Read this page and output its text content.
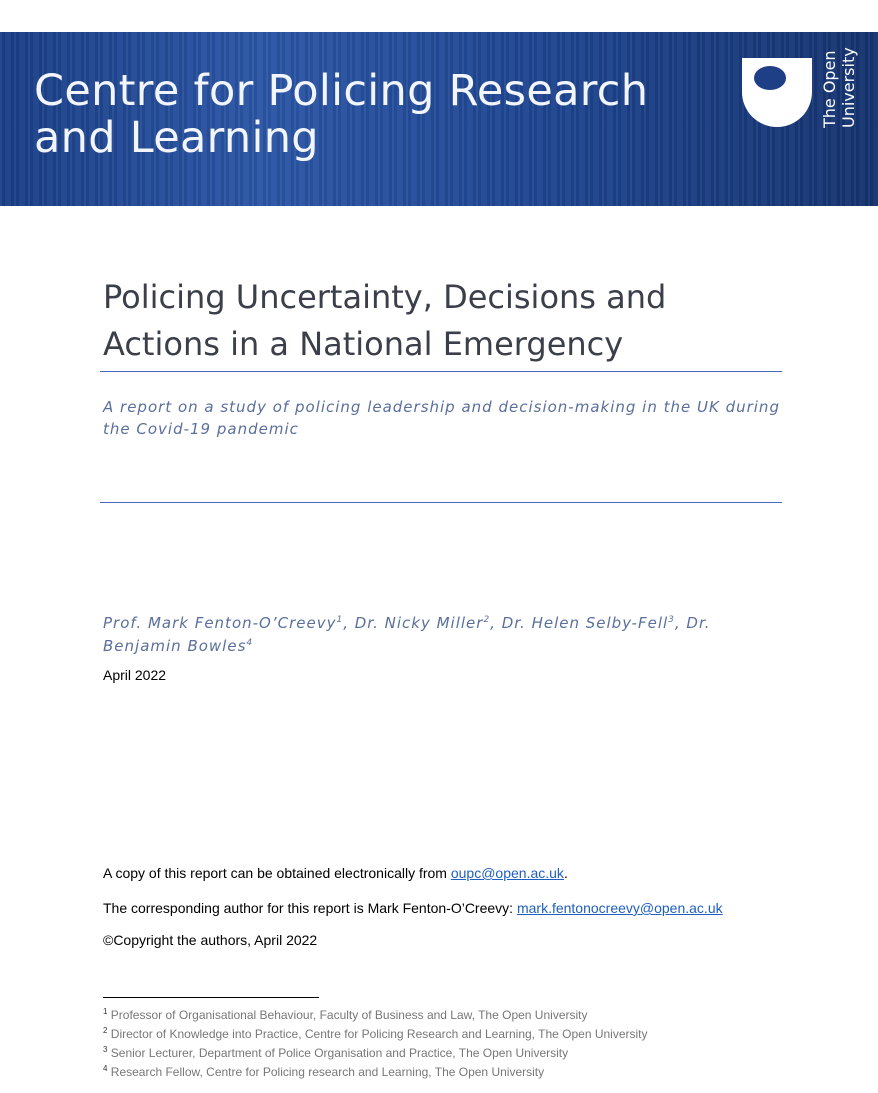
Centre for Policing Research
and Learning
The Open University
Policing Uncertainty, Decisions and
Actions in a National Emergency

A report on a study of policing leadership and decision-making in the UK during
the Covid-19 pandemic

Prof. Mark Fenton-O’Creevy$^1$, Dr. Nicky Miller$^2$, Dr. Helen Selby-Fell$^3$, Dr.
Benjamin Bowles$^4$

April 2022
A copy of this report can be obtained electronically from oupc@open.ac.uk.
The corresponding author for this report is Mark Fenton-O’Creevy: mark.fentonocreevy@open.ac.uk
©Copyright the authors, April 2022
$^1$ Professor of Organisational Behaviour, Faculty of Business and Law, The Open University
$^2$ Director of Knowledge into Practice, Centre for Policing Research and Learning, The Open University
$^3$ Senior Lecturer, Department of Police Organisation and Practice, The Open University
$^4$ Research Fellow, Centre for Policing research and Learning, The Open University
